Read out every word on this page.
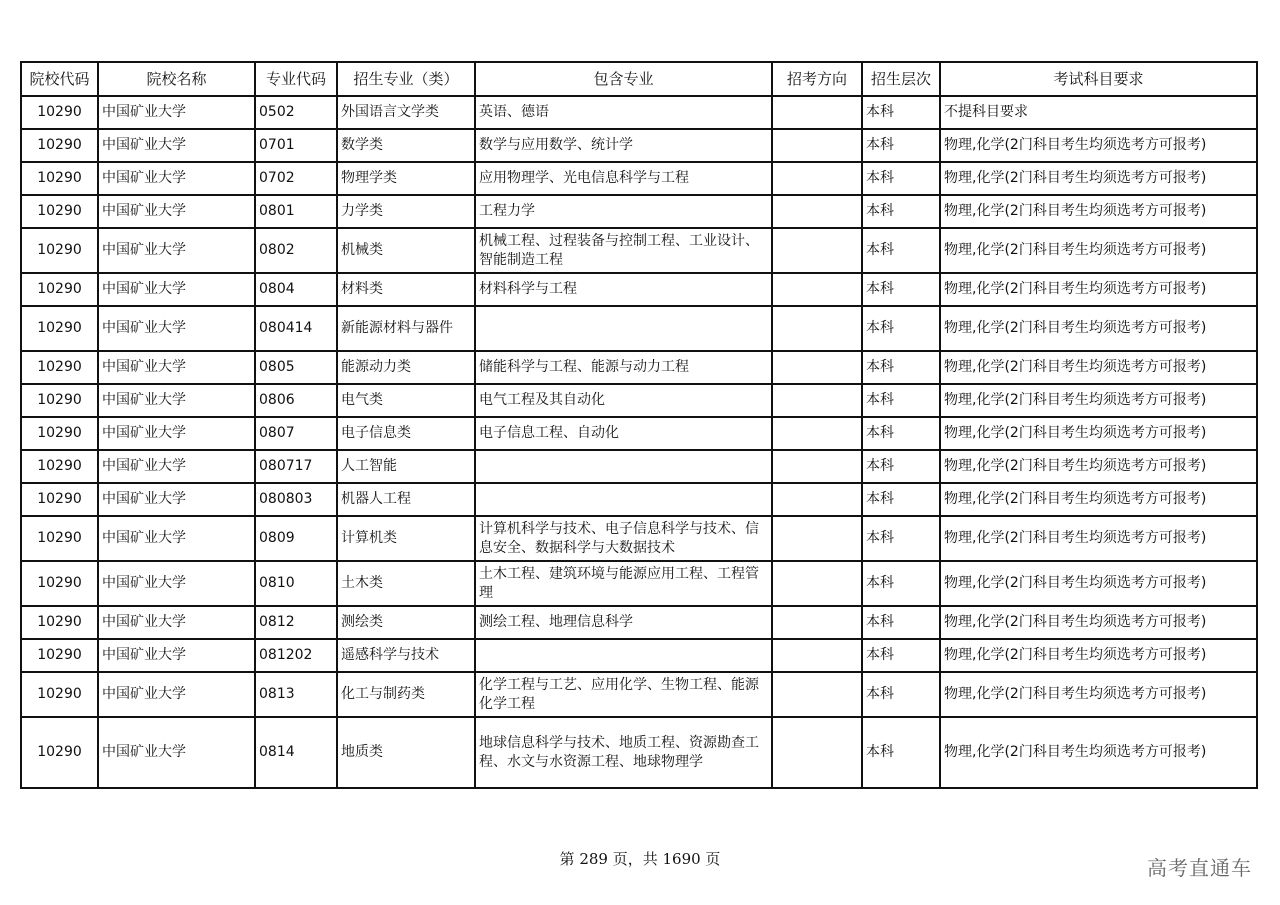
院校代码	院校名称	专业代码	招生专业（类）	包含专业	招考方向	招生层次	考试科目要求
10290	中国矿业大学	0502	外国语言文学类	英语、德语		本科	不提科目要求
10290	中国矿业大学	0701	数学类	数学与应用数学、统计学		本科	物理,化学(2门科目考生均须选考方可报考)
10290	中国矿业大学	0702	物理学类	应用物理学、光电信息科学与工程		本科	物理,化学(2门科目考生均须选考方可报考)
10290	中国矿业大学	0801	力学类	工程力学		本科	物理,化学(2门科目考生均须选考方可报考)
10290	中国矿业大学	0802	机械类	机械工程、过程装备与控制工程、工业设计、智能制造工程		本科	物理,化学(2门科目考生均须选考方可报考)
10290	中国矿业大学	0804	材料类	材料科学与工程		本科	物理,化学(2门科目考生均须选考方可报考)
10290	中国矿业大学	080414	新能源材料与器件			本科	物理,化学(2门科目考生均须选考方可报考)
10290	中国矿业大学	0805	能源动力类	储能科学与工程、能源与动力工程		本科	物理,化学(2门科目考生均须选考方可报考)
10290	中国矿业大学	0806	电气类	电气工程及其自动化		本科	物理,化学(2门科目考生均须选考方可报考)
10290	中国矿业大学	0807	电子信息类	电子信息工程、自动化		本科	物理,化学(2门科目考生均须选考方可报考)
10290	中国矿业大学	080717	人工智能			本科	物理,化学(2门科目考生均须选考方可报考)
10290	中国矿业大学	080803	机器人工程			本科	物理,化学(2门科目考生均须选考方可报考)
10290	中国矿业大学	0809	计算机类	计算机科学与技术、电子信息科学与技术、信息安全、数据科学与大数据技术		本科	物理,化学(2门科目考生均须选考方可报考)
10290	中国矿业大学	0810	土木类	土木工程、建筑环境与能源应用工程、工程管理		本科	物理,化学(2门科目考生均须选考方可报考)
10290	中国矿业大学	0812	测绘类	测绘工程、地理信息科学		本科	物理,化学(2门科目考生均须选考方可报考)
10290	中国矿业大学	081202	遥感科学与技术			本科	物理,化学(2门科目考生均须选考方可报考)
10290	中国矿业大学	0813	化工与制药类	化学工程与工艺、应用化学、生物工程、能源化学工程		本科	物理,化学(2门科目考生均须选考方可报考)
10290	中国矿业大学	0814	地质类	地球信息科学与技术、地质工程、资源勘查工程、水文与水资源工程、地球物理学		本科	物理,化学(2门科目考生均须选考方可报考)
第 289 页，共 1690 页	高考直通车
